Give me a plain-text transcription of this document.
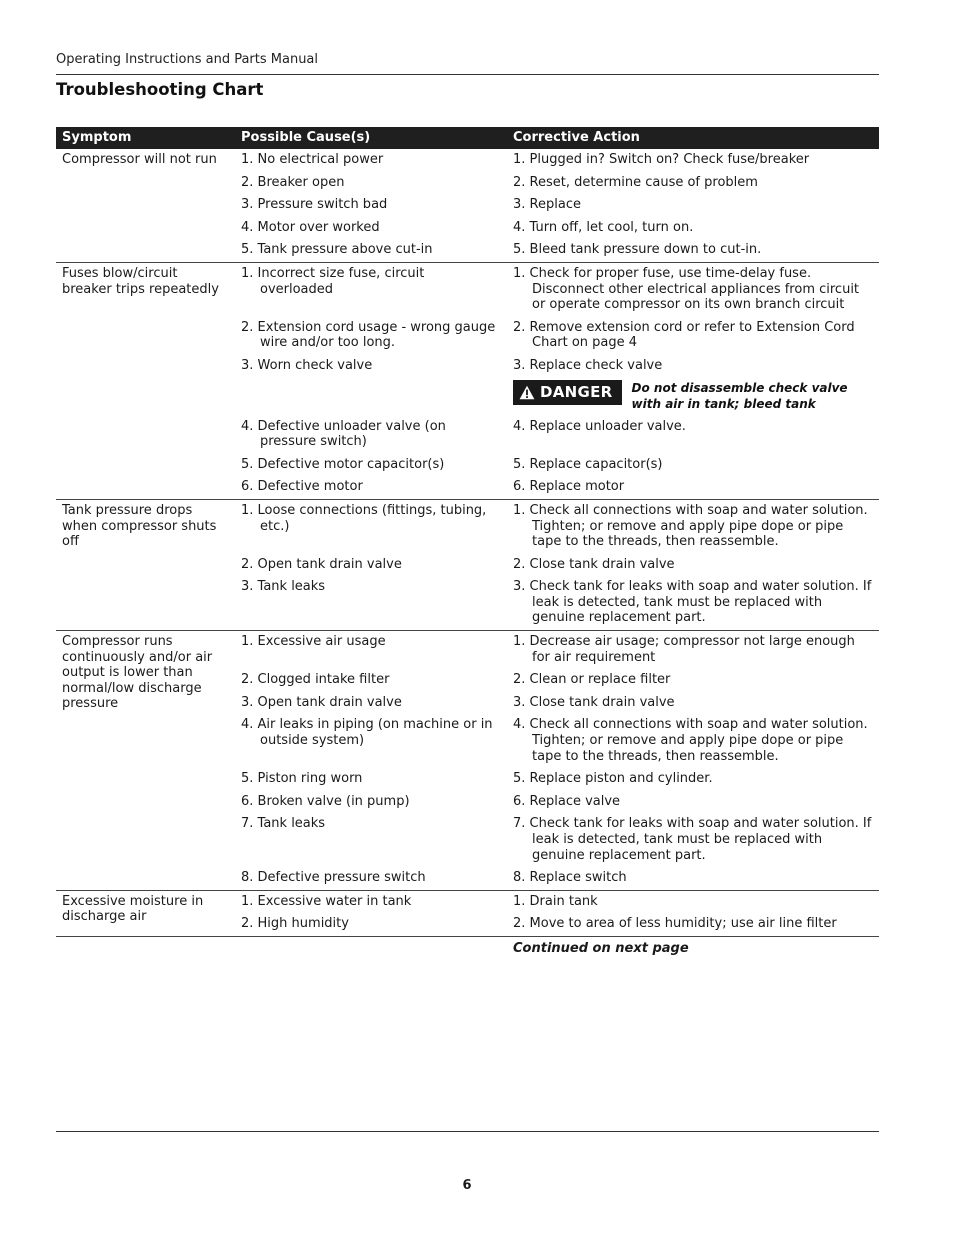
Operating Instructions and Parts Manual
Troubleshooting Chart
Symptom	Possible Cause(s)	Corrective Action
Compressor will not run	1. No electrical power	1. Plugged in? Switch on? Check fuse/breaker

	2. Breaker open	2. Reset, determine cause of problem

	3. Pressure switch bad	3. Replace

	4. Motor over worked	4. Turn off, let cool, turn on.

	5. Tank pressure above cut-in	5. Bleed tank pressure down to cut-in.

Fuses blow/circuit breaker trips repeatedly	1. Incorrect size fuse, circuit overloaded	1. Check for proper fuse, use time-delay fuse. Disconnect other electrical appliances from circuit or operate compressor on its own branch circuit

	2. Extension cord usage - wrong gauge wire and/or too long.	2. Remove extension cord or refer to Extension Cord Chart on page 4

	3. Worn check valve	3. Replace check valve

		DANGER Do not disassemble check valve with air in tank; bleed tank

	4. Defective unloader valve (on pressure switch)	4. Replace unloader valve.

	5. Defective motor capacitor(s)	5. Replace capacitor(s)

	6. Defective motor	6. Replace motor

Tank pressure drops when compressor shuts off	1. Loose connections (fittings, tubing, etc.)	1. Check all connections with soap and water solution. Tighten; or remove and apply pipe dope or pipe tape to the threads, then reassemble.

	2. Open tank drain valve	2. Close tank drain valve

	3. Tank leaks	3. Check tank for leaks with soap and water solution. If leak is detected, tank must be replaced with genuine replacement part.

Compressor runs continuously and/or air output is lower than normal/low discharge pressure	1. Excessive air usage	1. Decrease air usage; compressor not large enough for air requirement

	2. Clogged intake filter	2. Clean or replace filter

	3. Open tank drain valve	3. Close tank drain valve

	4. Air leaks in piping (on machine or in outside system)	4. Check all connections with soap and water solution. Tighten; or remove and apply pipe dope or pipe tape to the threads, then reassemble.

	5. Piston ring worn	5. Replace piston and cylinder.

	6. Broken valve (in pump)	6. Replace valve

	7. Tank leaks	7. Check tank for leaks with soap and water solution. If leak is detected, tank must be replaced with genuine replacement part.

	8. Defective pressure switch	8. Replace switch

Excessive moisture in discharge air	1. Excessive water in tank	1. Drain tank

	2. High humidity	2. Move to area of less humidity; use air line filter

		Continued on next page
6
